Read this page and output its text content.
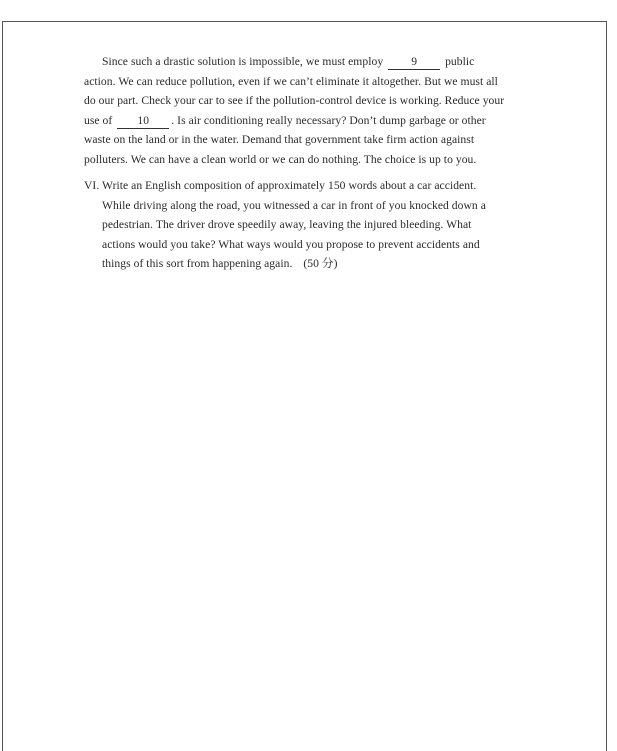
Since such a drastic solution is impossible, we must employ 9 public
action. We can reduce pollution, even if we can’t eliminate it altogether. But we must all
do our part. Check your car to see if the pollution-control device is working. Reduce your
use of 10 . Is air conditioning really necessary? Don’t dump garbage or other
waste on the land or in the water. Demand that government take firm action against
polluters. We can have a clean world or we can do nothing. The choice is up to you.
VI. Write an English composition of approximately 150 words about a car accident.
While driving along the road, you witnessed a car in front of you knocked down a
pedestrian. The driver drove speedily away, leaving the injured bleeding. What
actions would you take? What ways would you propose to prevent accidents and
things of this sort from happening again. (50 分)
